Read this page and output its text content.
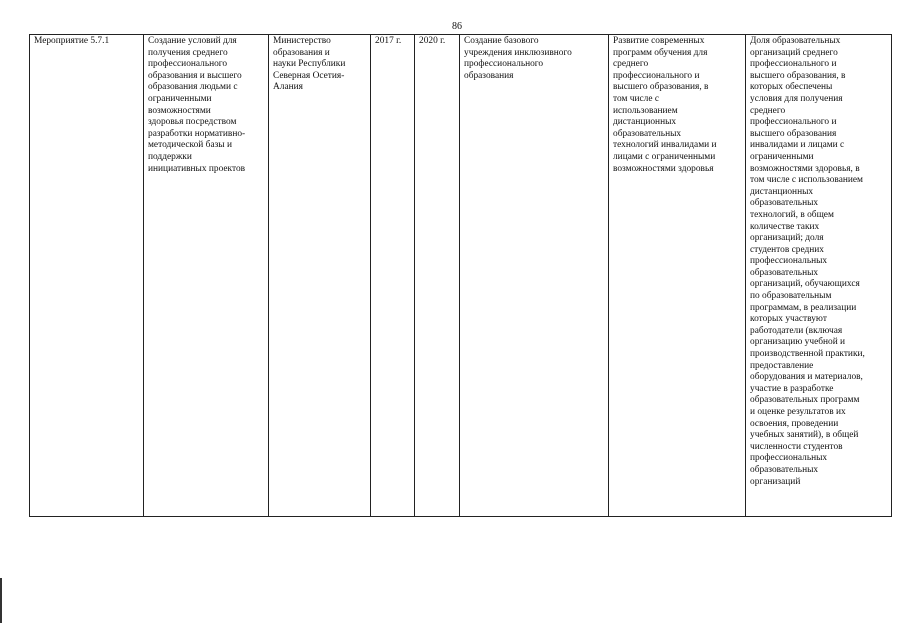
86
Мероприятие 5.7.1	Создание условий для
получения среднего
профессионального
образования и высшего
образования людьми с
ограниченными
возможностями
здоровья посредством
разработки нормативно-
методической базы и
поддержки
инициативных проектов	Министерство
образования и
науки Республики
Северная Осетия-
Алания	2017 г.	2020 г.	Создание базового
учреждения инклюзивного
профессионального
образования	Развитие современных
программ обучения для
среднего
профессионального и
высшего образования, в
том числе с
использованием
дистанционных
образовательных
технологий инвалидами и
лицами с ограниченными
возможностями здоровья	Доля образовательных
организаций среднего
профессионального и
высшего образования, в
которых обеспечены
условия для получения
среднего
профессионального и
высшего образования
инвалидами и лицами с
ограниченными
возможностями здоровья, в
том числе с использованием
дистанционных
образовательных
технологий, в общем
количестве таких
организаций; доля
студентов средних
профессиональных
образовательных
организаций, обучающихся
по образовательным
программам, в реализации
которых участвуют
работодатели (включая
организацию учебной и
производственной практики,
предоставление
оборудования и материалов,
участие в разработке
образовательных программ
и оценке результатов их
освоения, проведении
учебных занятий), в общей
численности студентов
профессиональных
образовательных
организаций
